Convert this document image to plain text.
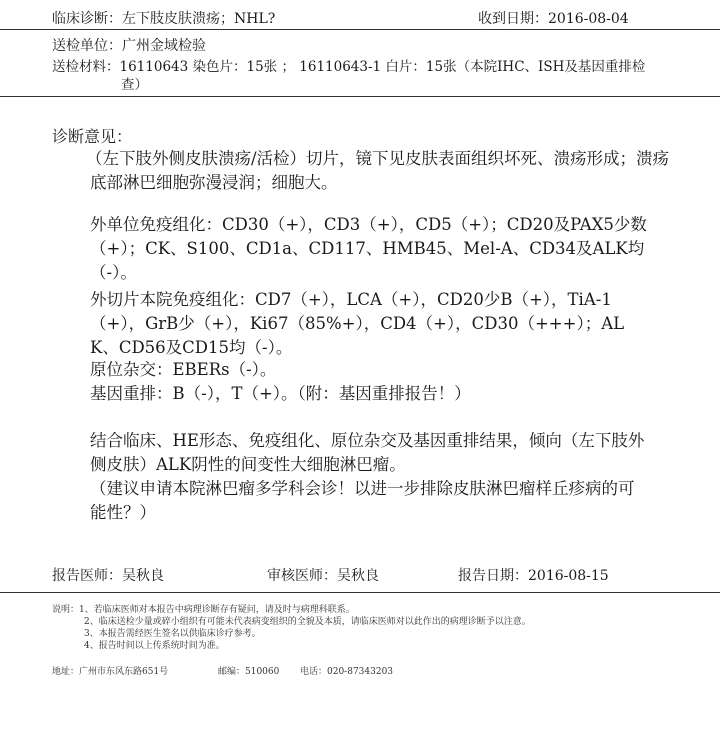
临床诊断：左下肢皮肤溃疡；NHL?	收到日期：2016-08-04
送检单位：广州金域检验
送检材料：16110643 染色片：15张 ； 16110643-1 白片：15张（本院IHC、ISH及基因重排检
查）
诊断意见：
（左下肢外侧皮肤溃疡/活检）切片，镜下见皮肤表面组织坏死、溃疡形成；溃疡底部淋巴细胞弥漫浸润；细胞大。
外单位免疫组化：CD30（+），CD3（+），CD5（+）；CD20及PAX5少数（+）；CK、S100、CD1a、CD117、HMB45、Mel-A、CD34及ALK均（-）。
外切片本院免疫组化：CD7（+），LCA（+），CD20少B（+），TiA-1（+），GrB少（+），Ki67（85%+），CD4（+），CD30（+++）；ALK、CD56及CD15均（-）。
原位杂交：EBERs（-）。
基因重排：B（-），T（+）。（附：基因重排报告！）
结合临床、HE形态、免疫组化、原位杂交及基因重排结果，倾向（左下肢外侧皮肤）ALK阴性的间变性大细胞淋巴瘤。
（建议申请本院淋巴瘤多学科会诊！以进一步排除皮肤淋巴瘤样丘疹病的可能性？）
报告医师：吴秋良	审核医师：吴秋良	报告日期：2016-08-15
说明：1、若临床医师对本报告中病理诊断存有疑问，请及时与病理科联系。
2、临床送检少量或碎小组织有可能未代表病变组织的全貌及本质，请临床医师对以此作出的病理诊断予以注意。
3、本报告需经医生签名以供临床诊疗参考。
4、报告时间以上传系统时间为准。
地址：广州市东风东路651号	邮编：510060 电话：020-87343203
